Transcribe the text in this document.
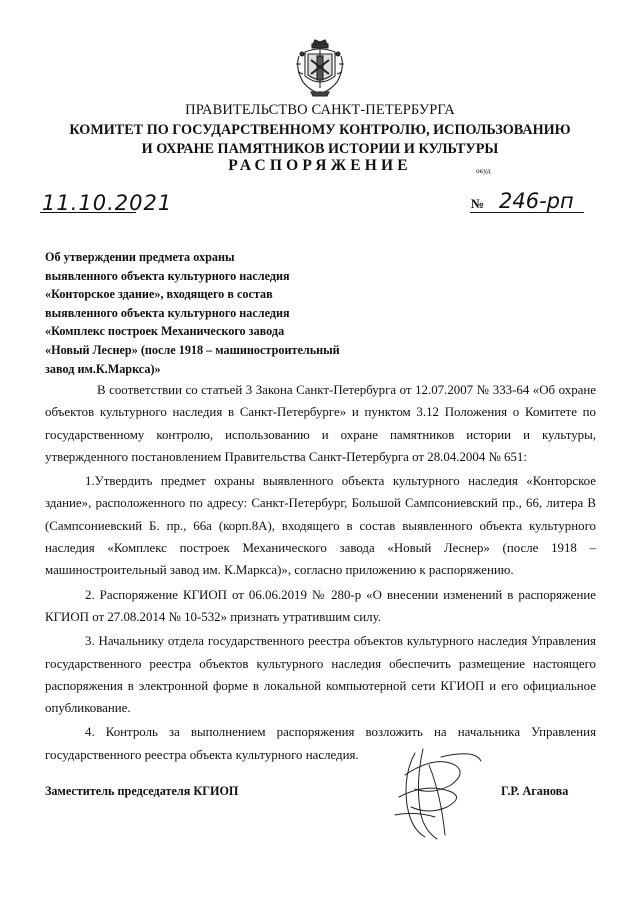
ПРАВИТЕЛЬСТВО САНКТ-ПЕТЕРБУРГА
КОМИТЕТ ПО ГОСУДАРСТВЕННОМУ КОНТРОЛЮ, ИСПОЛЬЗОВАНИЮ
И ОХРАНЕ ПАМЯТНИКОВ ИСТОРИИ И КУЛЬТУРЫ
РАСПОРЯЖЕНИЕ	окуд
11.10.2021	№ 246-рп
Об утверждении предмета охраны
выявленного объекта культурного наследия
«Конторское здание», входящего в состав
выявленного объекта культурного наследия
«Комплекс построек Механического завода
«Новый Леснер» (после 1918 – машиностроительный
завод им.К.Маркса)»

В соответствии со статьей 3 Закона Санкт-Петербурга от 12.07.2007 № 333-64 «Об охране объектов культурного наследия в Санкт-Петербурге» и пунктом 3.12 Положения о Комитете по государственному контролю, использованию и охране памятников истории и культуры, утвержденного постановлением Правительства Санкт-Петербурга от 28.04.2004 № 651:

1.Утвердить предмет охраны выявленного объекта культурного наследия «Конторское здание», расположенного по адресу: Санкт-Петербург, Большой Сампсониевский пр., 66, литера В (Сампсониевский Б. пр., 66а (корп.8А), входящего в состав выявленного объекта культурного наследия «Комплекс построек Механического завода «Новый Леснер» (после 1918 – машиностроительный завод им. К.Маркса)», согласно приложению к распоряжению.

2. Распоряжение КГИОП от 06.06.2019 № 280-р «О внесении изменений в распоряжение КГИОП от 27.08.2014 № 10-532» признать утратившим силу.

3. Начальнику отдела государственного реестра объектов культурного наследия Управления государственного реестра объектов культурного наследия обеспечить размещение настоящего распоряжения в электронной форме в локальной компьютерной сети КГИОП и его официальное опубликование.

4. Контроль за выполнением распоряжения возложить на начальника Управления государственного реестра объекта культурного наследия.

Заместитель председателя КГИОП	Г.Р. Аганова
